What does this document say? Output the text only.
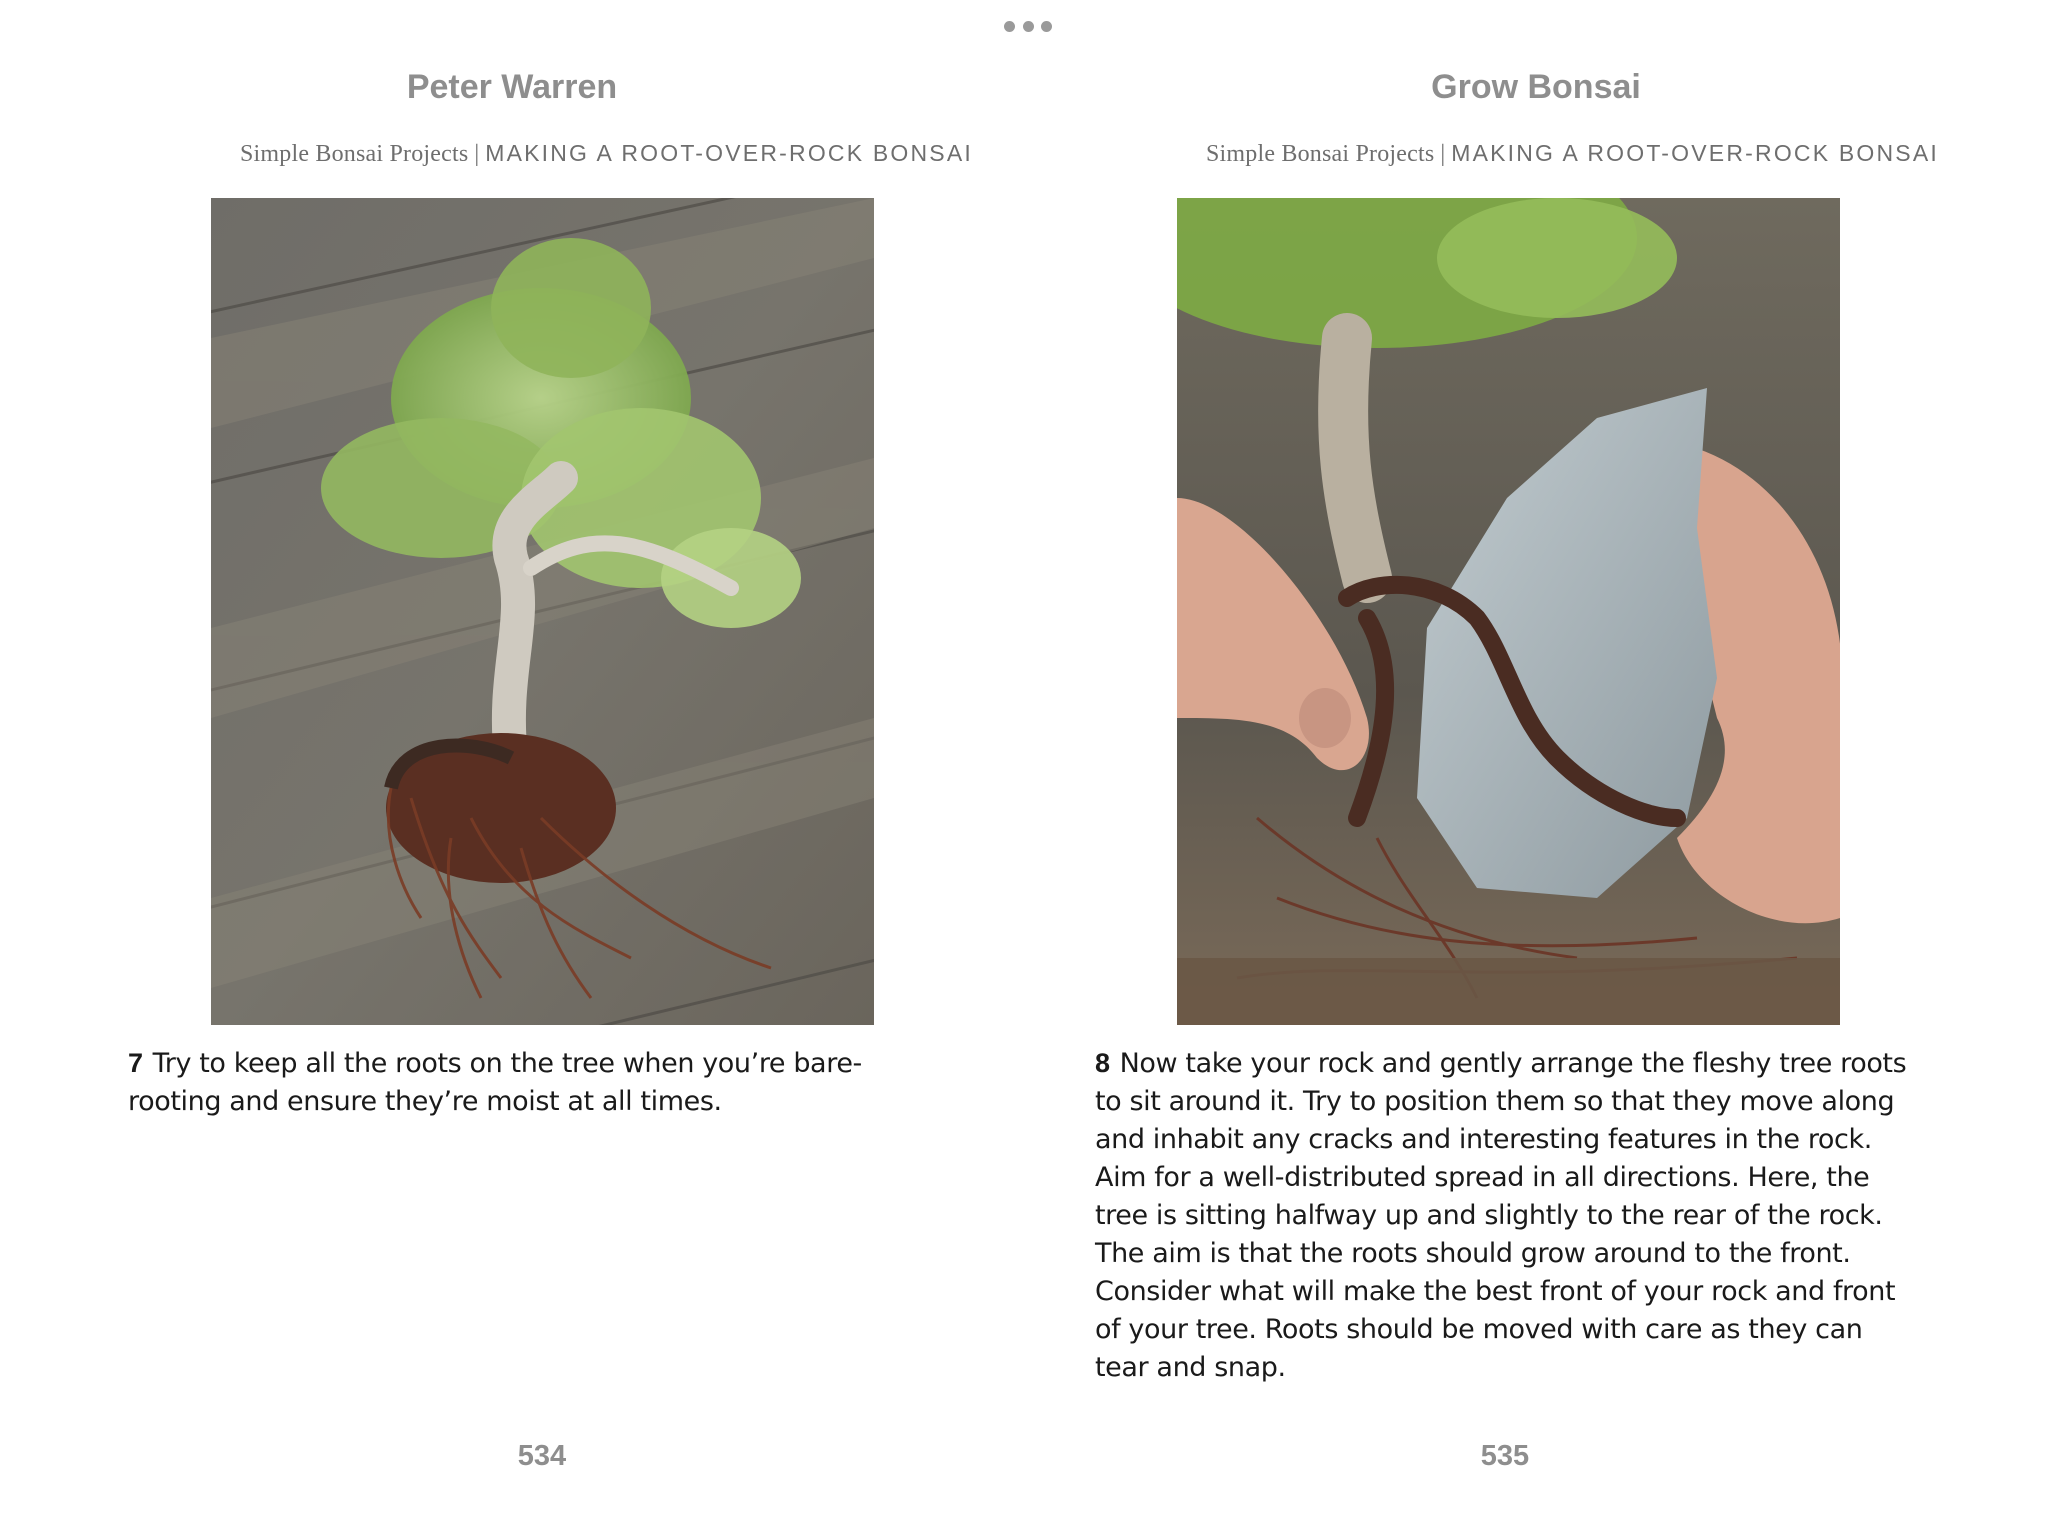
Peter Warren
Simple Bonsai Projects | MAKING A ROOT-OVER-ROCK BONSAI
7 Try to keep all the roots on the tree when you’re bare-rooting and ensure they’re moist at all times.
534
Grow Bonsai
Simple Bonsai Projects | MAKING A ROOT-OVER-ROCK BONSAI
8 Now take your rock and gently arrange the fleshy tree roots to sit around it. Try to position them so that they move along and inhabit any cracks and interesting features in the rock. Aim for a well-distributed spread in all directions. Here, the tree is sitting halfway up and slightly to the rear of the rock. The aim is that the roots should grow around to the front. Consider what will make the best front of your rock and front of your tree. Roots should be moved with care as they can tear and snap.
535
